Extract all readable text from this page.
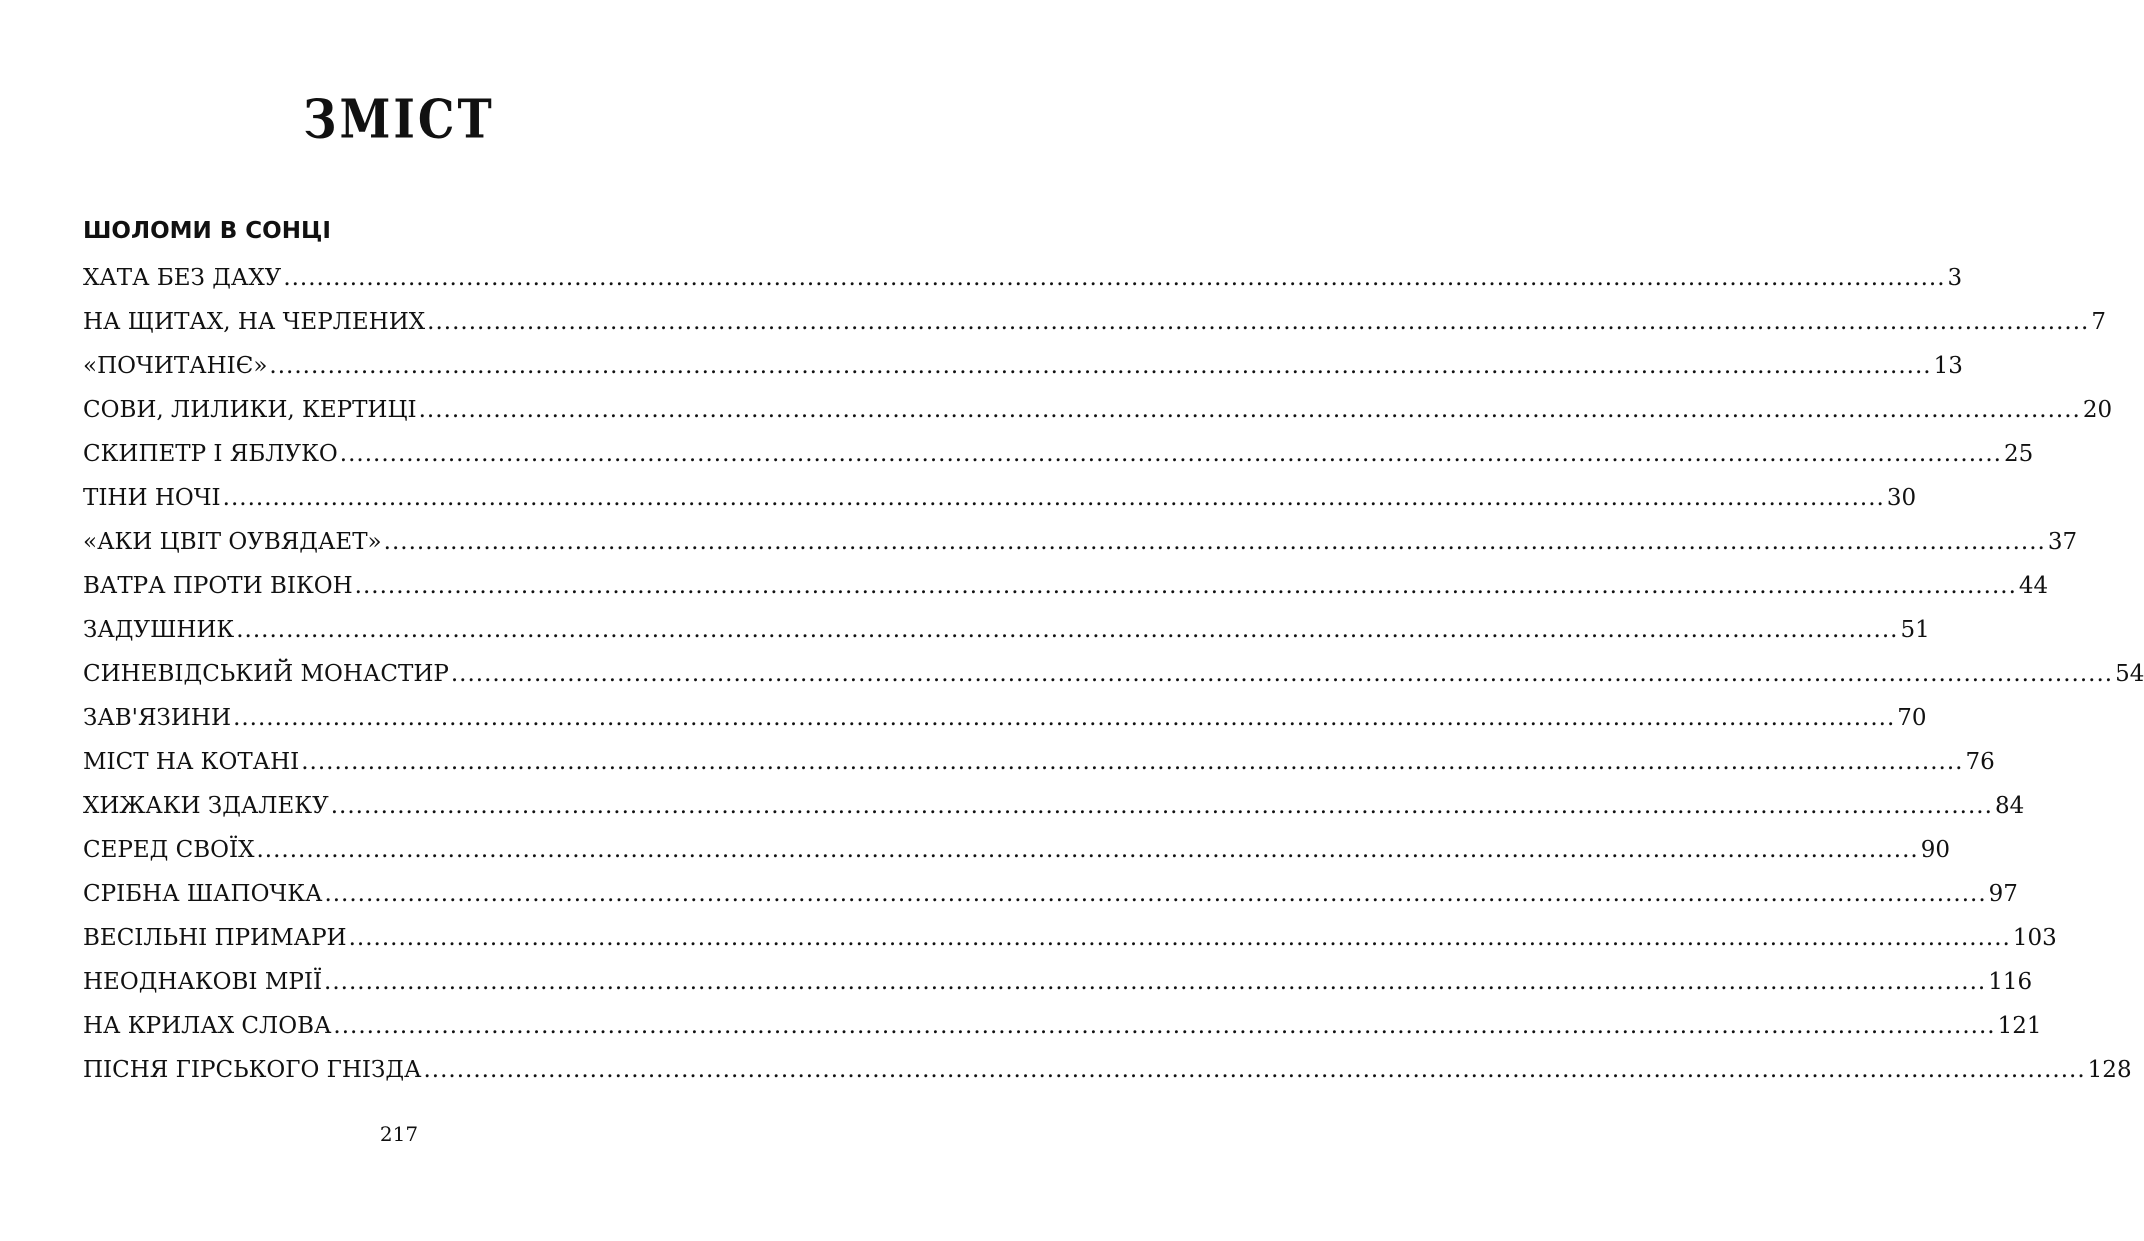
ЗМІСТ
ШОЛОМИ В СОНЦІ
ХАТА БЕЗ ДАХУ ........................................................................................................................................................................................................ 3
НА ЩИТАХ, НА ЧЕРЛЕНИХ ........................................................................................................................................................................................................ 7
«ПОЧИТАНІЄ» ........................................................................................................................................................................................................ 13
СОВИ, ЛИЛИКИ, КЕРТИЦІ ........................................................................................................................................................................................................ 20
СКИПЕТР І ЯБЛУКО ........................................................................................................................................................................................................ 25
ТІНИ НОЧІ ........................................................................................................................................................................................................ 30
«АКИ ЦВІТ ОУВЯДАЕТ» ........................................................................................................................................................................................................ 37
ВАТРА ПРОТИ ВІКОН ........................................................................................................................................................................................................ 44
ЗАДУШНИК ........................................................................................................................................................................................................ 51
СИНЕВІДСЬКИЙ МОНАСТИР ........................................................................................................................................................................................................ 54
ЗАВ'ЯЗИНИ ........................................................................................................................................................................................................ 70
МІСТ НА КОТАНІ ........................................................................................................................................................................................................ 76
ХИЖАКИ ЗДАЛЕКУ ........................................................................................................................................................................................................ 84
СЕРЕД СВОЇХ ........................................................................................................................................................................................................ 90
СРІБНА ШАПОЧКА ........................................................................................................................................................................................................ 97
ВЕСІЛЬНІ ПРИМАРИ ........................................................................................................................................................................................................ 103
НЕОДНАКОВІ МРІЇ ........................................................................................................................................................................................................ 116
НА КРИЛАХ СЛОВА ........................................................................................................................................................................................................ 121
ПІСНЯ ГІРСЬКОГО ГНІЗДА ........................................................................................................................................................................................................ 128
217
